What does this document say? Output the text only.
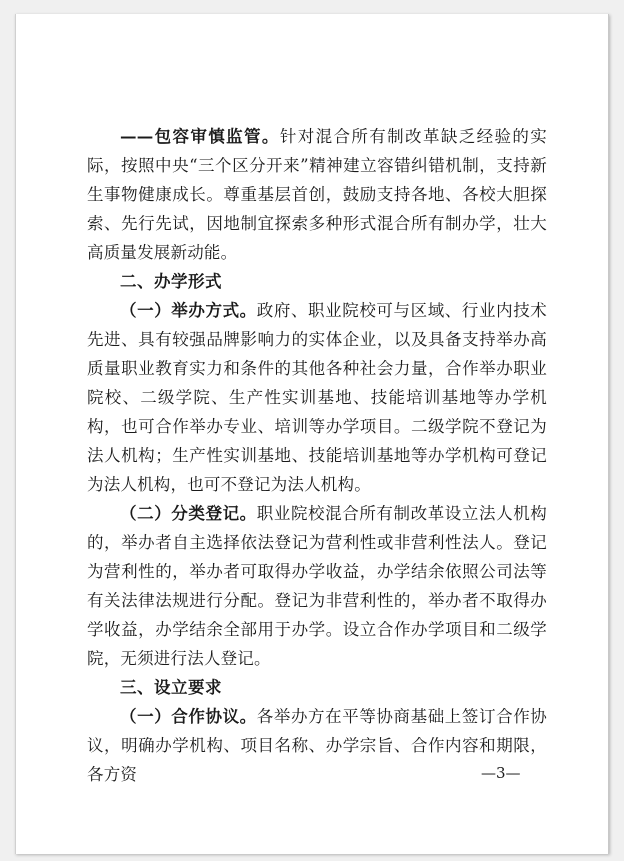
——包容审慎监管。针对混合所有制改革缺乏经验的实际，按照中央“三个区分开来”精神建立容错纠错机制，支持新生事物健康成长。尊重基层首创，鼓励支持各地、各校大胆探索、先行先试，因地制宜探索多种形式混合所有制办学，壮大高质量发展新动能。

二、办学形式

（一）举办方式。政府、职业院校可与区域、行业内技术先进、具有较强品牌影响力的实体企业，以及具备支持举办高质量职业教育实力和条件的其他各种社会力量，合作举办职业院校、二级学院、生产性实训基地、技能培训基地等办学机构，也可合作举办专业、培训等办学项目。二级学院不登记为法人机构；生产性实训基地、技能培训基地等办学机构可登记为法人机构，也可不登记为法人机构。

（二）分类登记。职业院校混合所有制改革设立法人机构的，举办者自主选择依法登记为营利性或非营利性法人。登记为营利性的，举办者可取得办学收益，办学结余依照公司法等有关法律法规进行分配。登记为非营利性的，举办者不取得办学收益，办学结余全部用于办学。设立合作办学项目和二级学院，无须进行法人登记。

三、设立要求

（一）合作协议。各举办方在平等协商基础上签订合作协议，明确办学机构、项目名称、办学宗旨、合作内容和期限，各方资	—3—
